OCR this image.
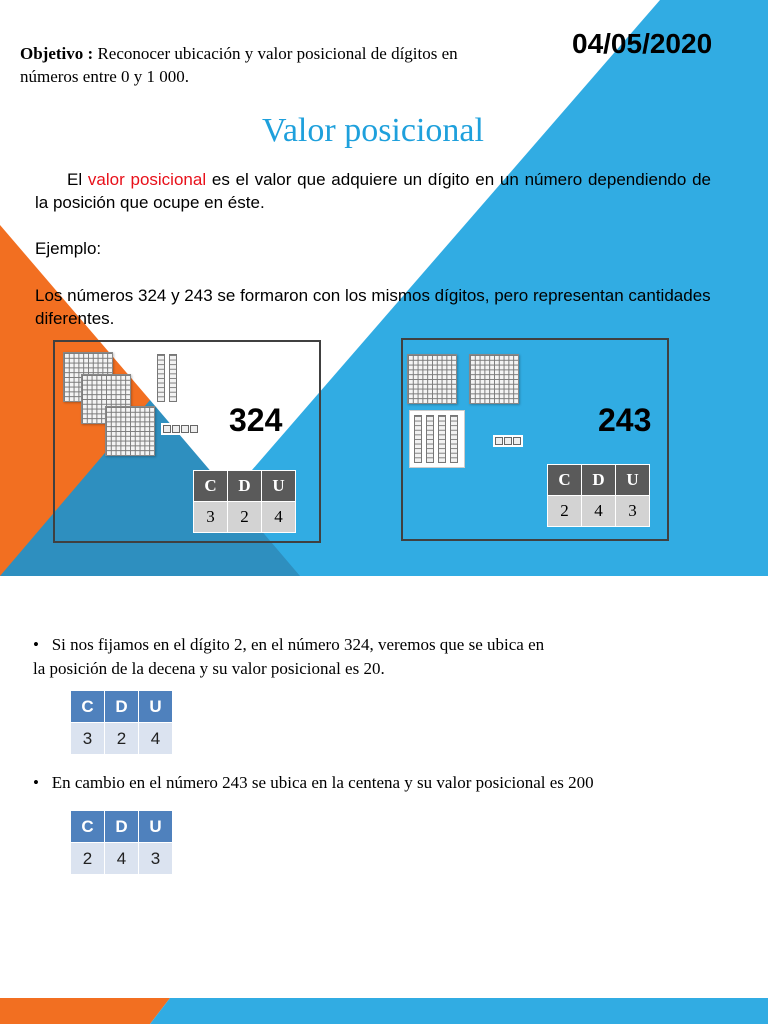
Objetivo : Reconocer ubicación y valor posicional de dígitos en números entre 0 y 1 000.
04/05/2020
Valor posicional
El valor posicional es el valor que adquiere un dígito en un número dependiendo de la posición que ocupe en éste.
Ejemplo:
Los números 324 y 243 se formaron con los mismos dígitos, pero representan cantidades diferentes.
324
C	D	U
3	2	4
243
C	D	U
2	4	3
• Si nos fijamos en el dígito 2, en el número 324, veremos que se ubica en
la posición de la decena y su valor posicional es 20.
C	D	U
3	2	4
• En cambio en el número 243 se ubica en la centena y su valor posicional es 200
C	D	U
2	4	3
